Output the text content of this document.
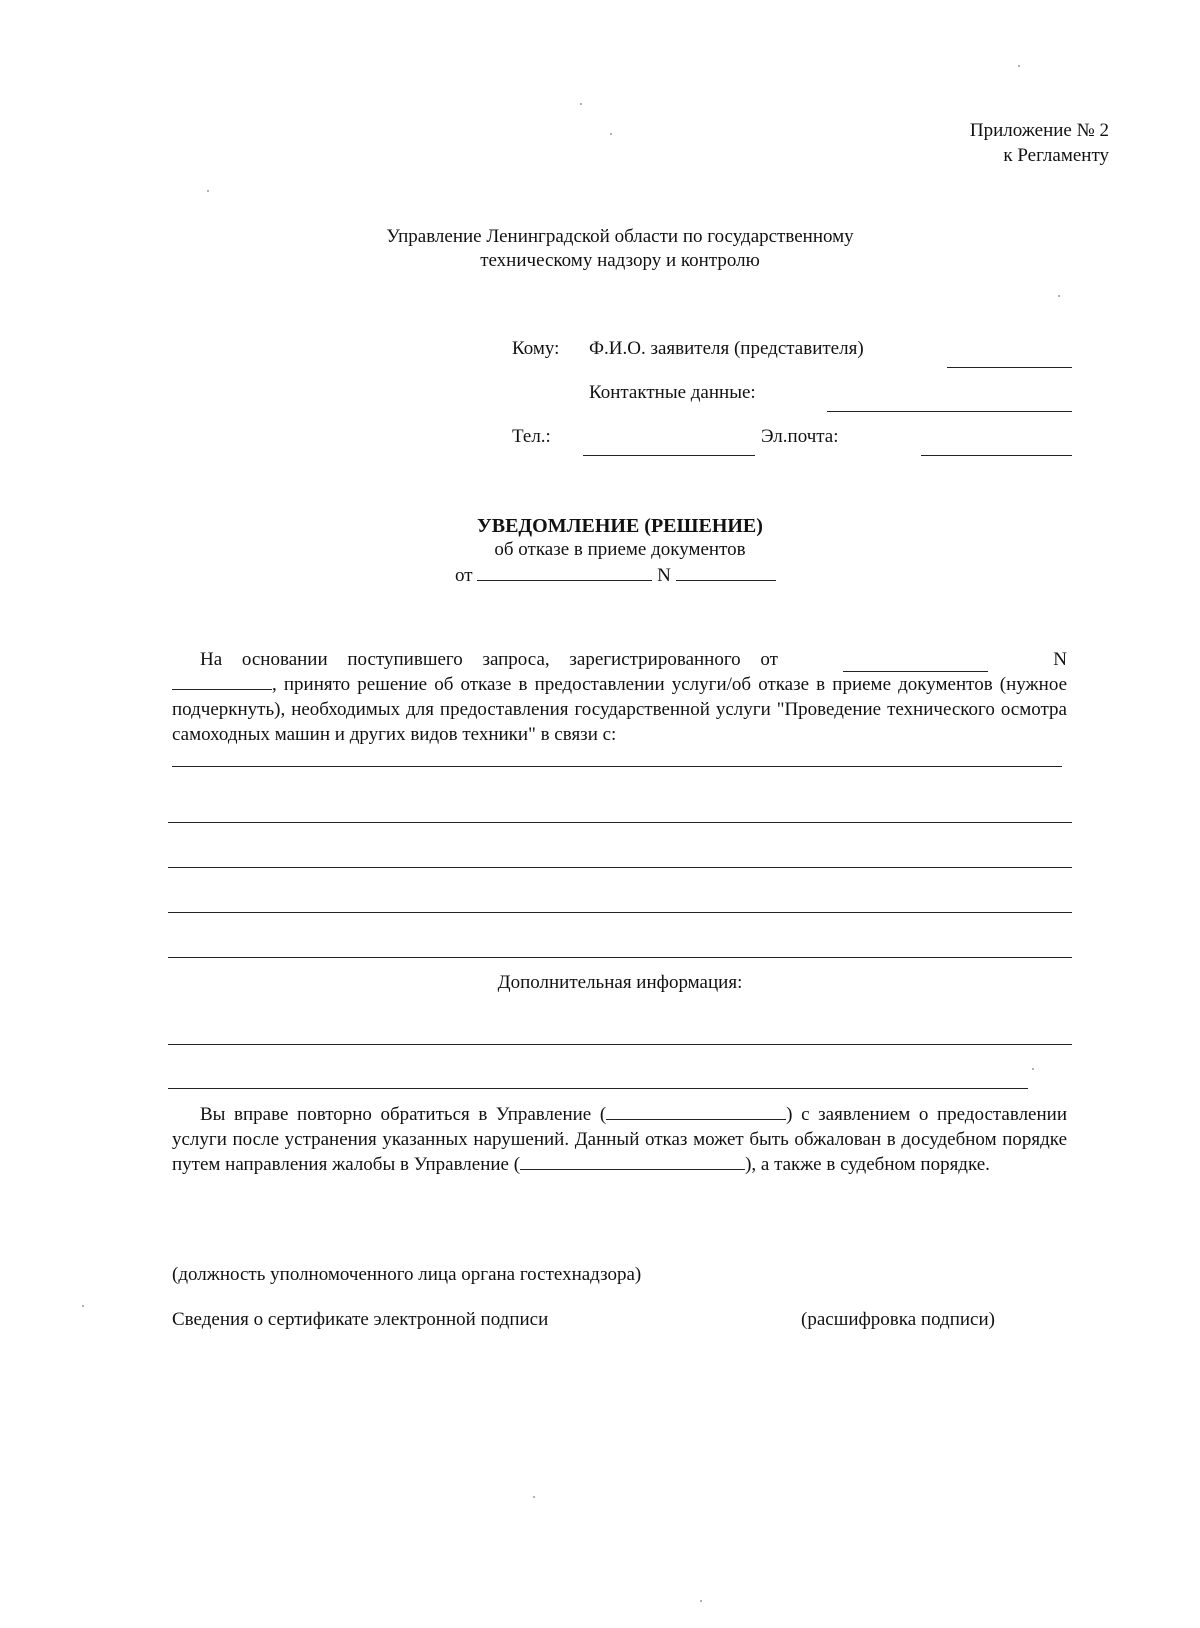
Приложение № 2
к Регламенту
Управление Ленинградской области по государственному
техническому надзору и контролю
Кому: Ф.И.О. заявителя (представителя)
Контактные данные:
Тел.:	Эл.почта:
УВЕДОМЛЕНИЕ (РЕШЕНИЕ)
об отказе в приеме документов
от	N
На основании поступившего запроса, зарегистрированного от	N
, принято решение об отказе в предоставлении услуги/об отказе в приеме документов (нужное подчеркнуть), необходимых для предоставления государственной услуги "Проведение технического осмотра самоходных машин и других видов техники" в связи с:
Дополнительная информация:
Вы вправе повторно обратиться в Управление (	) с заявлением о предоставлении услуги после устранения указанных нарушений. Данный отказ может быть обжалован в досудебном порядке путем направления жалобы в Управление (	), а также в судебном порядке.
(должность уполномоченного лица органа гостехнадзора)
Сведения о сертификате электронной подписи	(расшифровка подписи)
